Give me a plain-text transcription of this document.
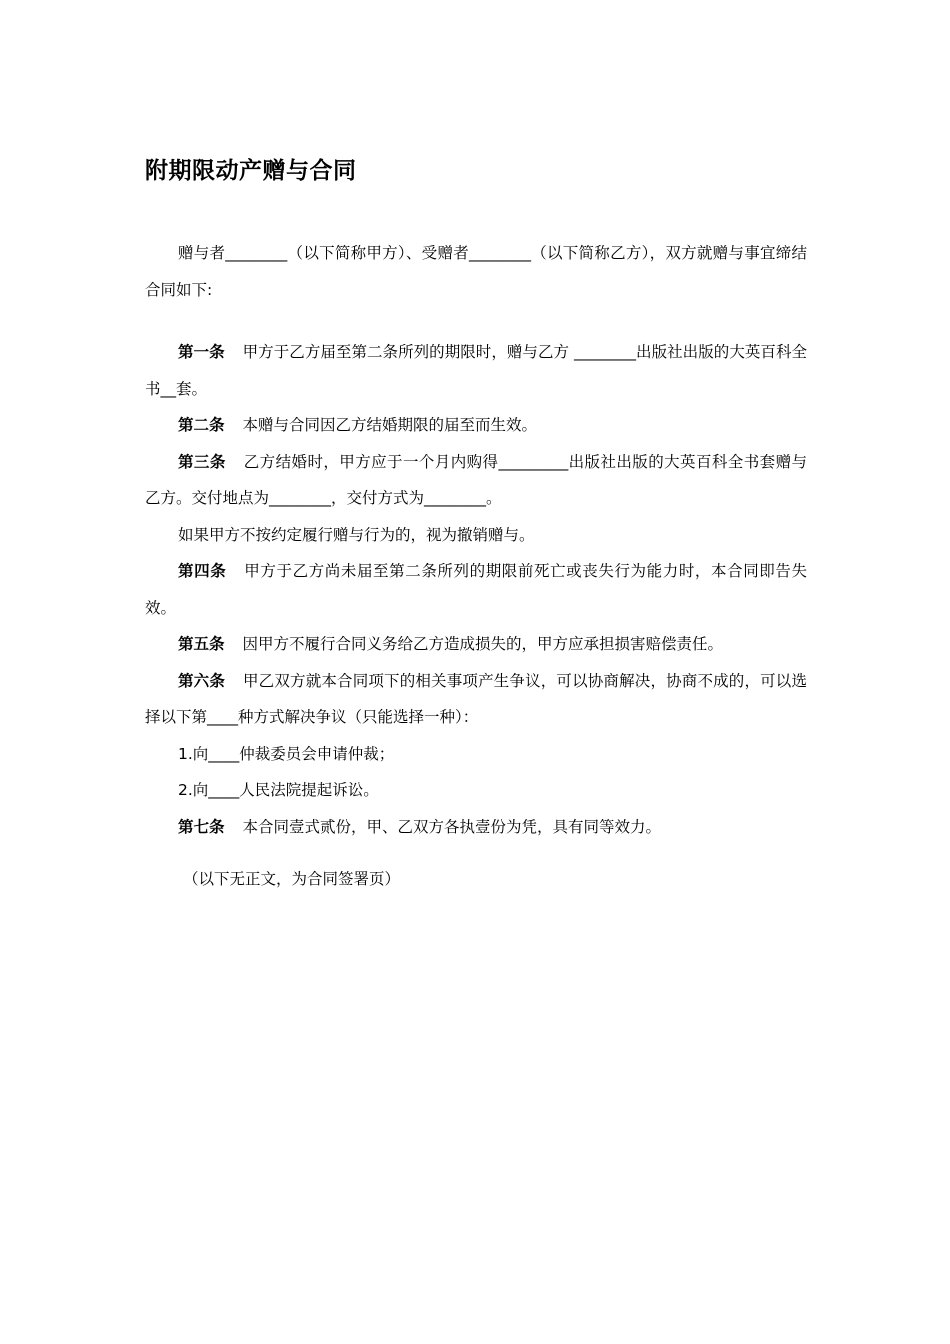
附期限动产赠与合同

赠与者________（以下简称甲方）、受赠者________（以下简称乙方），双方就赠与事宜缔结合同如下:

第一条 甲方于乙方届至第二条所列的期限时，赠与乙方 ________出版社出版的大英百科全书__套。

第二条 本赠与合同因乙方结婚期限的届至而生效。

第三条 乙方结婚时，甲方应于一个月内购得_________出版社出版的大英百科全书套赠与乙方。交付地点为________，交付方式为________。

如果甲方不按约定履行赠与行为的，视为撤销赠与。

第四条 甲方于乙方尚未届至第二条所列的期限前死亡或丧失行为能力时，本合同即告失效。

第五条 因甲方不履行合同义务给乙方造成损失的，甲方应承担损害赔偿责任。

第六条 甲乙双方就本合同项下的相关事项产生争议，可以协商解决，协商不成的，可以选择以下第____种方式解决争议（只能选择一种）：

1.向____仲裁委员会申请仲裁；

2.向____人民法院提起诉讼。

第七条 本合同壹式贰份，甲、乙双方各执壹份为凭，具有同等效力。

（以下无正文，为合同签署页）
